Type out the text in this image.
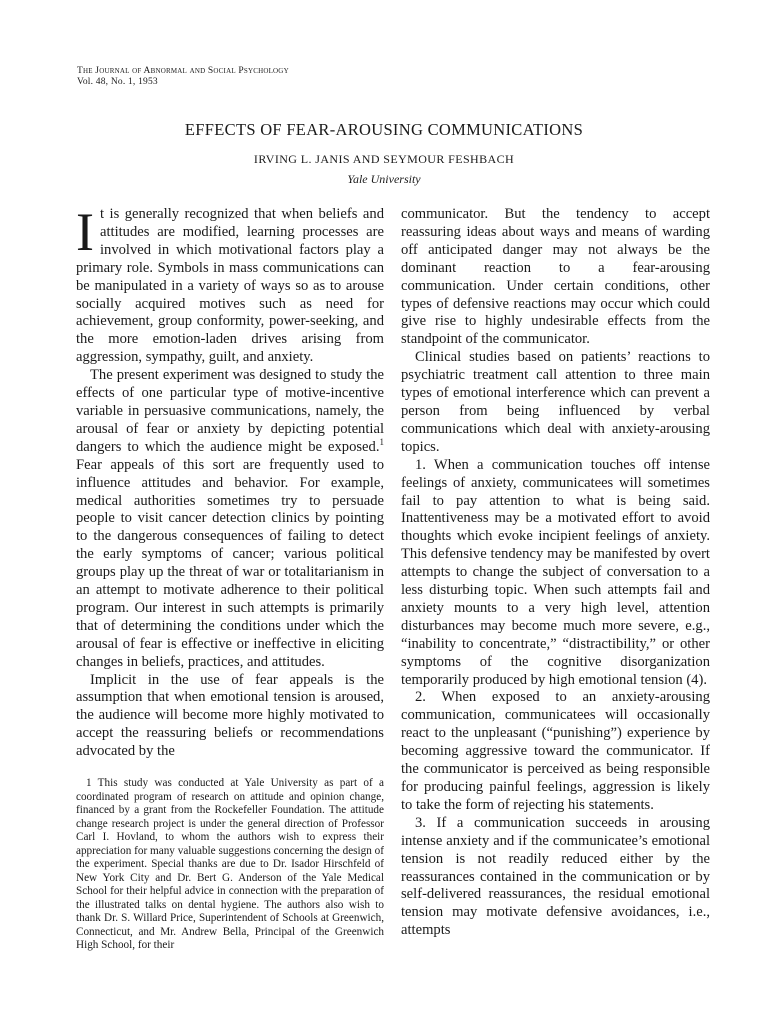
The Journal of Abnormal and Social Psychology
Vol. 48, No. 1, 1953
EFFECTS OF FEAR-AROUSING COMMUNICATIONS
IRVING L. JANIS AND SEYMOUR FESHBACH
Yale University

It is generally recognized that when beliefs and attitudes are modified, learning processes are involved in which motivational factors play a primary role. Symbols in mass communications can be manipulated in a variety of ways so as to arouse socially acquired motives such as need for achievement, group conformity, power-seeking, and the more emotion-laden drives arising from aggression, sympathy, guilt, and anxiety.

The present experiment was designed to study the effects of one particular type of motive-incentive variable in persuasive communications, namely, the arousal of fear or anxiety by depicting potential dangers to which the audience might be exposed.$^1$ Fear appeals of this sort are frequently used to influence attitudes and behavior. For example, medical authorities sometimes try to persuade people to visit cancer detection clinics by pointing to the dangerous consequences of failing to detect the early symptoms of cancer; various political groups play up the threat of war or totalitarianism in an attempt to motivate adherence to their political program. Our interest in such attempts is primarily that of determining the conditions under which the arousal of fear is effective or ineffective in eliciting changes in beliefs, practices, and attitudes.

Implicit in the use of fear appeals is the assumption that when emotional tension is aroused, the audience will become more highly motivated to accept the reassuring beliefs or recommendations advocated by the

1 This study was conducted at Yale University as part of a coordinated program of research on attitude and opinion change, financed by a grant from the Rockefeller Foundation. The attitude change research project is under the general direction of Professor Carl I. Hovland, to whom the authors wish to express their appreciation for many valuable suggestions concerning the design of the experiment. Special thanks are due to Dr. Isador Hirschfeld of New York City and Dr. Bert G. Anderson of the Yale Medical School for their helpful advice in connection with the preparation of the illustrated talks on dental hygiene. The authors also wish to thank Dr. S. Willard Price, Superintendent of Schools at Greenwich, Connecticut, and Mr. Andrew Bella, Principal of the Greenwich High School, for their

communicator. But the tendency to accept reassuring ideas about ways and means of warding off anticipated danger may not always be the dominant reaction to a fear-arousing communication. Under certain conditions, other types of defensive reactions may occur which could give rise to highly undesirable effects from the standpoint of the communicator.

Clinical studies based on patients’ reactions to psychiatric treatment call attention to three main types of emotional interference which can prevent a person from being influenced by verbal communications which deal with anxiety-arousing topics.

1. When a communication touches off intense feelings of anxiety, communicatees will sometimes fail to pay attention to what is being said. Inattentiveness may be a motivated effort to avoid thoughts which evoke incipient feelings of anxiety. This defensive tendency may be manifested by overt attempts to change the subject of conversation to a less disturbing topic. When such attempts fail and anxiety mounts to a very high level, attention disturbances may become much more severe, e.g., “inability to concentrate,” “distractibility,” or other symptoms of the cognitive disorganization temporarily produced by high emotional tension (4).

2. When exposed to an anxiety-arousing communication, communicatees will occasionally react to the unpleasant (“punishing”) experience by becoming aggressive toward the communicator. If the communicator is perceived as being responsible for producing painful feelings, aggression is likely to take the form of rejecting his statements.

3. If a communication succeeds in arousing intense anxiety and if the communicatee’s emotional tension is not readily reduced either by the reassurances contained in the communication or by self-delivered reassurances, the residual emotional tension may motivate defensive avoidances, i.e., attempts
